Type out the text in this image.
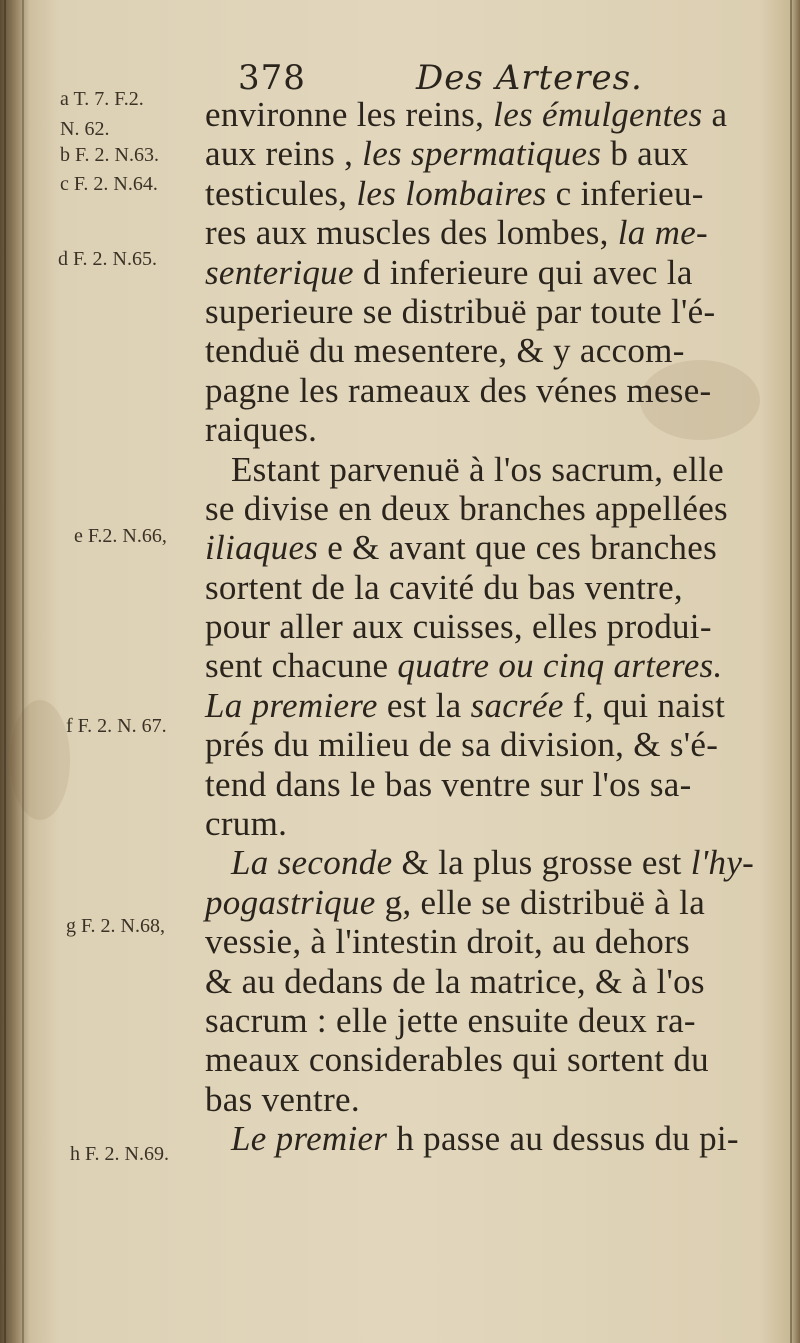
378	Des Arteres.
a T. 7. F.2.
N. 62.
b F. 2. N.63.
c F. 2. N.64.
d F. 2. N.65.
e F.2. N.66,
f F. 2. N. 67.
g F. 2. N.68,
h F. 2. N.69.
environne les reins, les émulgentes a
aux reins , les spermatiques b aux
testicules, les lombaires c inferieu-
res aux muscles des lombes, la me-
senterique d inferieure qui avec la
superieure se distribuë par toute l'é-
tenduë du mesentere, & y accom-
pagne les rameaux des vénes mese-
raiques.
Estant parvenuë à l'os sacrum, elle
se divise en deux branches appellées
iliaques e & avant que ces branches
sortent de la cavité du bas ventre,
pour aller aux cuisses, elles produi-
sent chacune quatre ou cinq arteres.
La premiere est la sacrée f, qui naist
prés du milieu de sa division, & s'é-
tend dans le bas ventre sur l'os sa-
crum.
La seconde & la plus grosse est l'hy-
pogastrique g, elle se distribuë à la
vessie, à l'intestin droit, au dehors
& au dedans de la matrice, & à l'os
sacrum : elle jette ensuite deux ra-
meaux considerables qui sortent du
bas ventre.
Le premier h passe au dessus du pi-
